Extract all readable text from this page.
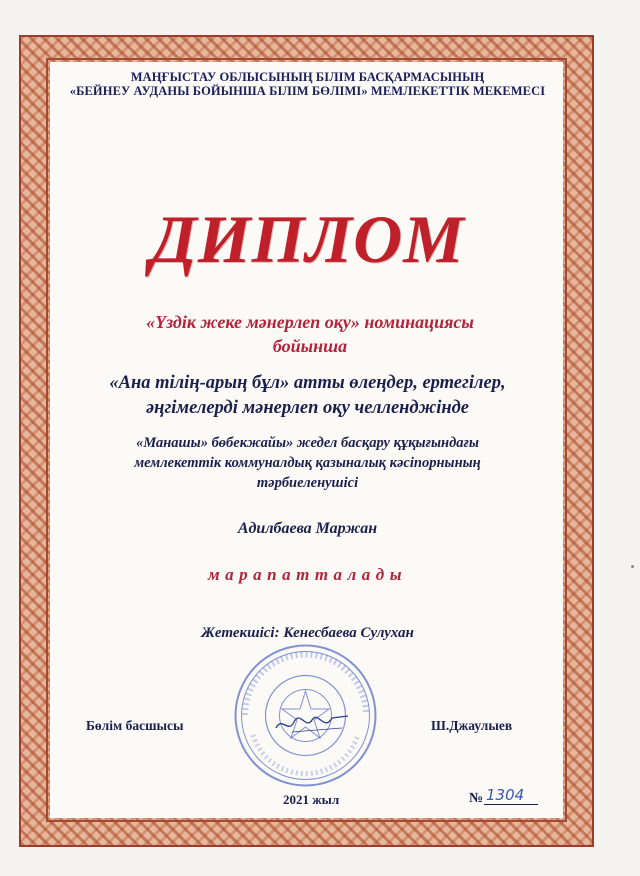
МАҢҒЫСТАУ ОБЛЫСЫНЫҢ БІЛІМ БАСҚАРМАСЫНЫҢ
«БЕЙНЕУ АУДАНЫ БОЙЫНША БІЛІМ БӨЛІМІ» МЕМЛЕКЕТТІК МЕКЕМЕСІ
ДИПЛОМ
«Үздік жеке мәнерлеп оқу» номинациясы
бойынша
«Ана тілің-арың бұл» атты өлеңдер, ертегілер,
әңгімелерді мәнерлеп оқу челленджінде
«Манашы» бөбекжайы» жедел басқару құқығындағы
мемлекеттік коммуналдық қазыналық кәсіпорнының
тәрбиеленушісі
Адилбаева Маржан
марапатталады
Жетекшісі: Кенесбаева Сулухан
Бөлім басшысы	Ш.Джаулыев
2021 жыл	№ 1304
